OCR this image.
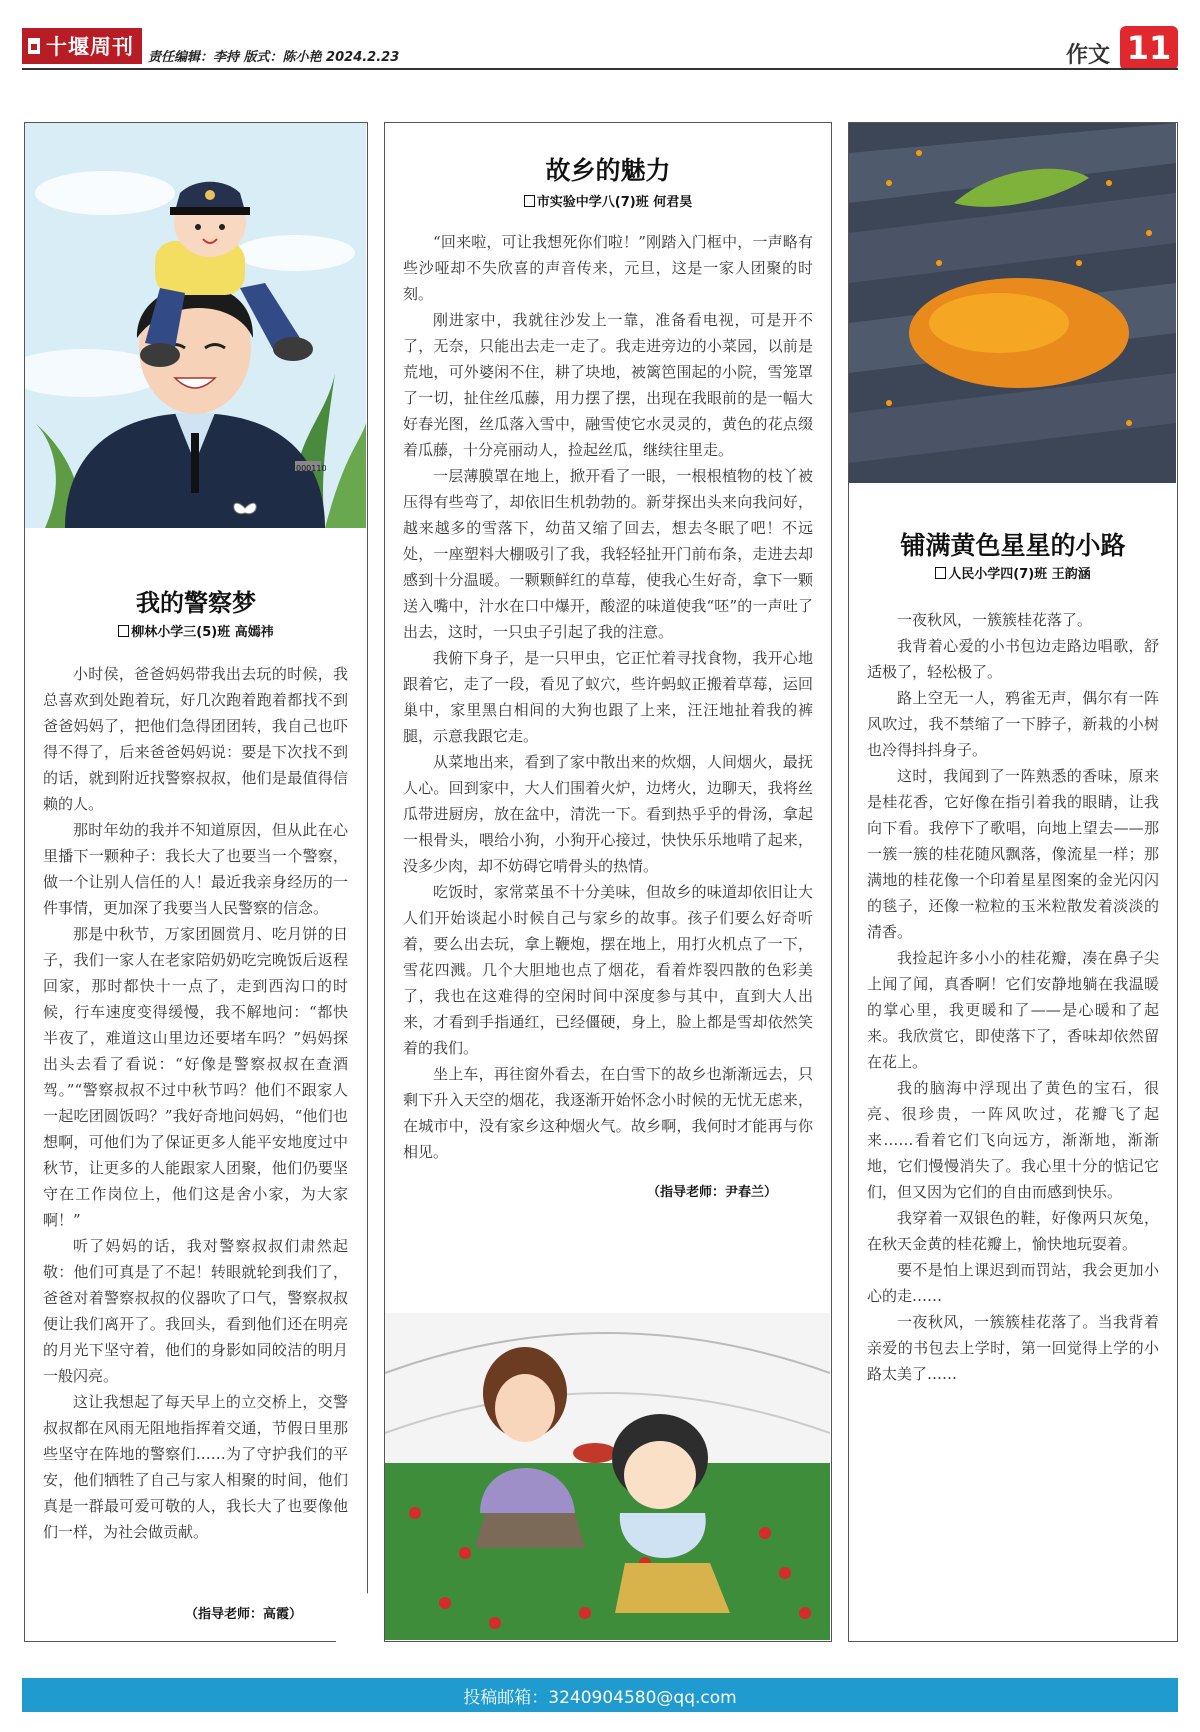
十堰周刊 责任编辑：李持 版式：陈小艳 2024.2.23	作文 11
000110
我的警察梦
柳林小学三(5)班 高嫣祎

小时侯，爸爸妈妈带我出去玩的时候，我总喜欢到处跑着玩，好几次跑着跑着都找不到爸爸妈妈了，把他们急得团团转，我自己也吓得不得了，后来爸爸妈妈说：要是下次找不到的话，就到附近找警察叔叔，他们是最值得信赖的人。

那时年幼的我并不知道原因，但从此在心里播下一颗种子：我长大了也要当一个警察，做一个让别人信任的人！最近我亲身经历的一件事情，更加深了我要当人民警察的信念。

那是中秋节，万家团圆赏月、吃月饼的日子，我们一家人在老家陪奶奶吃完晚饭后返程回家，那时都快十一点了，走到西沟口的时候，行车速度变得缓慢，我不解地问：“都快半夜了，难道这山里边还要堵车吗？”妈妈探出头去看了看说：“好像是警察叔叔在查酒驾。”“警察叔叔不过中秋节吗？他们不跟家人一起吃团圆饭吗？”我好奇地问妈妈，“他们也想啊，可他们为了保证更多人能平安地度过中秋节，让更多的人能跟家人团聚，他们仍要坚守在工作岗位上，他们这是舍小家，为大家啊！”

听了妈妈的话，我对警察叔叔们肃然起敬：他们可真是了不起！转眼就轮到我们了，爸爸对着警察叔叔的仪器吹了口气，警察叔叔便让我们离开了。我回头，看到他们还在明亮的月光下坚守着，他们的身影如同皎洁的明月一般闪亮。

这让我想起了每天早上的立交桥上，交警叔叔都在风雨无阻地指挥着交通，节假日里那些坚守在阵地的警察们……为了守护我们的平安，他们牺牲了自己与家人相聚的时间，他们真是一群最可爱可敬的人，我长大了也要像他们一样，为社会做贡献。

（指导老师：高霞）
故乡的魅力
市实验中学八(7)班 何君昊

“回来啦，可让我想死你们啦！”刚踏入门框中，一声略有些沙哑却不失欣喜的声音传来，元旦，这是一家人团聚的时刻。

刚进家中，我就往沙发上一靠，准备看电视，可是开不了，无奈，只能出去走一走了。我走进旁边的小菜园，以前是荒地，可外婆闲不住，耕了块地，被篱笆围起的小院，雪笼罩了一切，扯住丝瓜藤，用力摆了摆，出现在我眼前的是一幅大好春光图，丝瓜落入雪中，融雪使它水灵灵的，黄色的花点缀着瓜藤，十分亮丽动人，捡起丝瓜，继续往里走。

一层薄膜罩在地上，掀开看了一眼，一根根植物的枝丫被压得有些弯了，却依旧生机勃勃的。新芽探出头来向我问好，越来越多的雪落下，幼苗又缩了回去，想去冬眠了吧！不远处，一座塑料大棚吸引了我，我轻轻扯开门前布条，走进去却感到十分温暖。一颗颗鲜红的草莓，使我心生好奇，拿下一颗送入嘴中，汁水在口中爆开，酸涩的味道使我“呸”的一声吐了出去，这时，一只虫子引起了我的注意。

我俯下身子，是一只甲虫，它正忙着寻找食物，我开心地跟着它，走了一段，看见了蚁穴，些许蚂蚁正搬着草莓，运回巢中，家里黑白相间的大狗也跟了上来，汪汪地扯着我的裤腿，示意我跟它走。

从菜地出来，看到了家中散出来的炊烟，人间烟火，最抚人心。回到家中，大人们围着火炉，边烤火，边聊天，我将丝瓜带进厨房，放在盆中，清洗一下。看到热乎乎的骨汤，拿起一根骨头，喂给小狗，小狗开心接过，快快乐乐地啃了起来，没多少肉，却不妨碍它啃骨头的热情。

吃饭时，家常菜虽不十分美味，但故乡的味道却依旧让大人们开始谈起小时候自己与家乡的故事。孩子们要么好奇听着，要么出去玩，拿上鞭炮，摆在地上，用打火机点了一下，雪花四溅。几个大胆地也点了烟花，看着炸裂四散的色彩美了，我也在这难得的空闲时间中深度参与其中，直到大人出来，才看到手指通红，已经僵硬，身上，脸上都是雪却依然笑着的我们。

坐上车，再往窗外看去，在白雪下的故乡也渐渐远去，只剩下升入天空的烟花，我逐渐开始怀念小时候的无忧无虑来，在城市中，没有家乡这种烟火气。故乡啊，我何时才能再与你相见。

（指导老师：尹春兰）
铺满黄色星星的小路
人民小学四(7)班 王韵涵

一夜秋风，一簇簇桂花落了。

我背着心爱的小书包边走路边唱歌，舒适极了，轻松极了。

路上空无一人，鸦雀无声，偶尔有一阵风吹过，我不禁缩了一下脖子，新栽的小树也冷得抖抖身子。

这时，我闻到了一阵熟悉的香味，原来是桂花香，它好像在指引着我的眼睛，让我向下看。我停下了歌唱，向地上望去——那一簇一簇的桂花随风飘落，像流星一样；那满地的桂花像一个印着星星图案的金光闪闪的毯子，还像一粒粒的玉米粒散发着淡淡的清香。

我捡起许多小小的桂花瓣，凑在鼻子尖上闻了闻，真香啊！它们安静地躺在我温暖的掌心里，我更暖和了——是心暖和了起来。我欣赏它，即使落下了，香味却依然留在花上。

我的脑海中浮现出了黄色的宝石，很亮、很珍贵，一阵风吹过，花瓣飞了起来……看着它们飞向远方，渐渐地，渐渐地，它们慢慢消失了。我心里十分的惦记它们，但又因为它们的自由而感到快乐。

我穿着一双银色的鞋，好像两只灰兔，在秋天金黄的桂花瓣上，愉快地玩耍着。

要不是怕上课迟到而罚站，我会更加小心的走……

一夜秋风，一簇簇桂花落了。当我背着亲爱的书包去上学时，第一回觉得上学的小路太美了……

投稿邮箱：3240904580@qq.com
